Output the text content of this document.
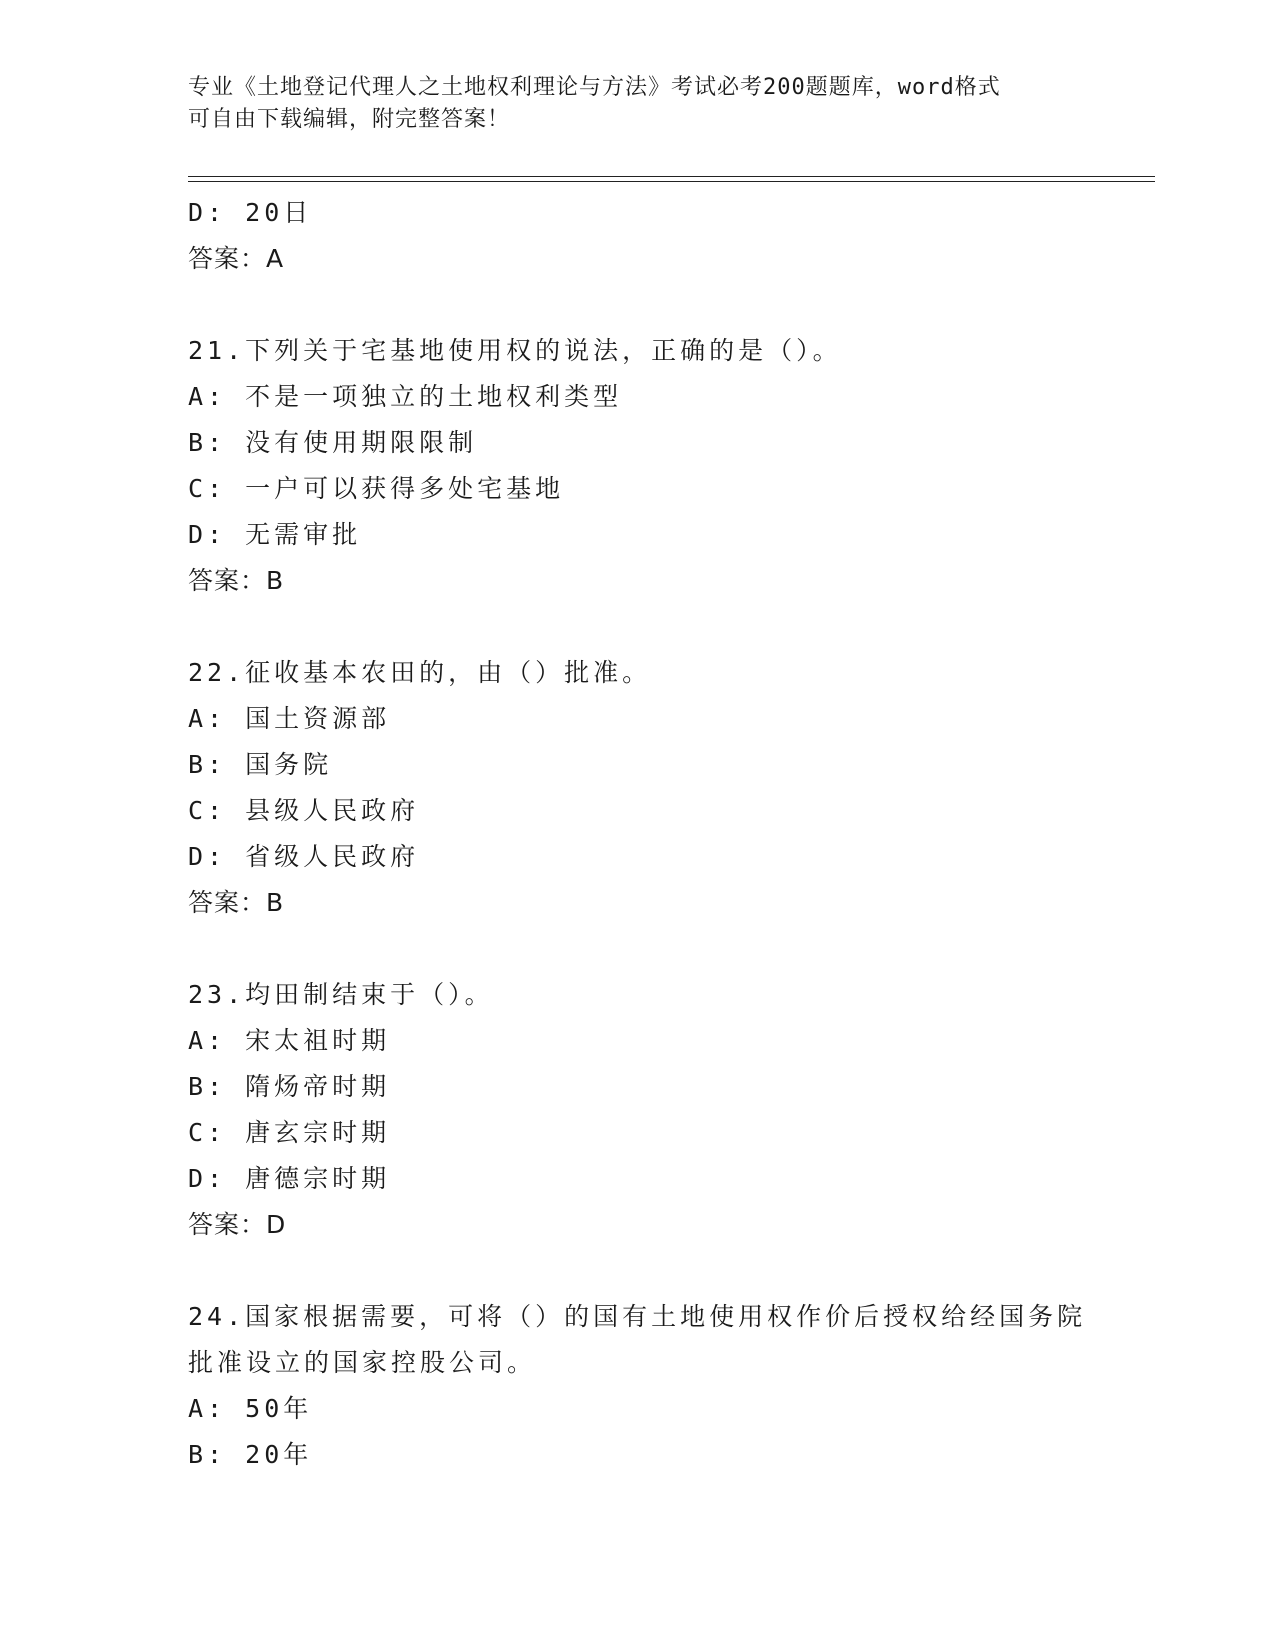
专业《土地登记代理人之土地权利理论与方法》考试必考200题题库，word格式
可自由下载编辑，附完整答案！
D: 20日
答案：A
21.下列关于宅基地使用权的说法，正确的是（）。
A: 不是一项独立的土地权利类型
B: 没有使用期限限制
C: 一户可以获得多处宅基地
D: 无需审批
答案：B
22.征收基本农田的，由（）批准。
A: 国土资源部
B: 国务院
C: 县级人民政府
D: 省级人民政府
答案：B
23.均田制结束于（）。
A: 宋太祖时期
B: 隋炀帝时期
C: 唐玄宗时期
D: 唐德宗时期
答案：D
24.国家根据需要，可将（）的国有土地使用权作价后授权给经国务院
批准设立的国家控股公司。
A: 50年
B: 20年
